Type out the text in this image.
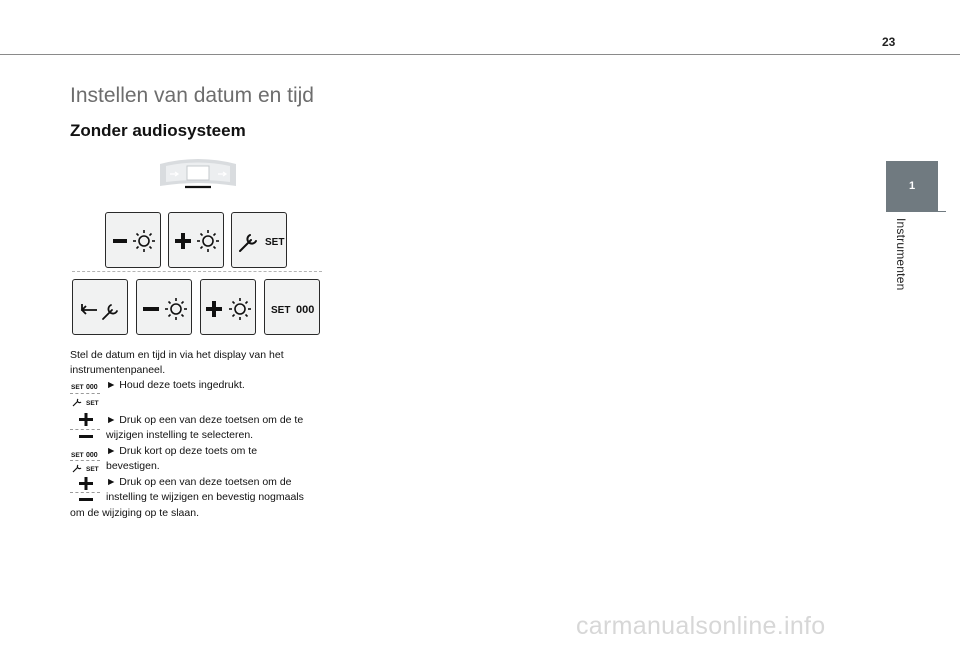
23
1
Instrumenten
Instellen van datum en tijd
Zonder audiosysteem
SET
SET 000
Stel de datum en tijd in via het display van het instrumentenpaneel.
SET 000 ► Houd deze toets ingedrukt.
SET
► Druk op een van deze toetsen om de te
wijzigen instelling te selecteren.
SET 000 ► Druk kort op deze toets om te
SET bevestigen.
► Druk op een van deze toetsen om de
instelling te wijzigen en bevestig nogmaals
om de wijziging op te slaan.
carmanualsonline.info
